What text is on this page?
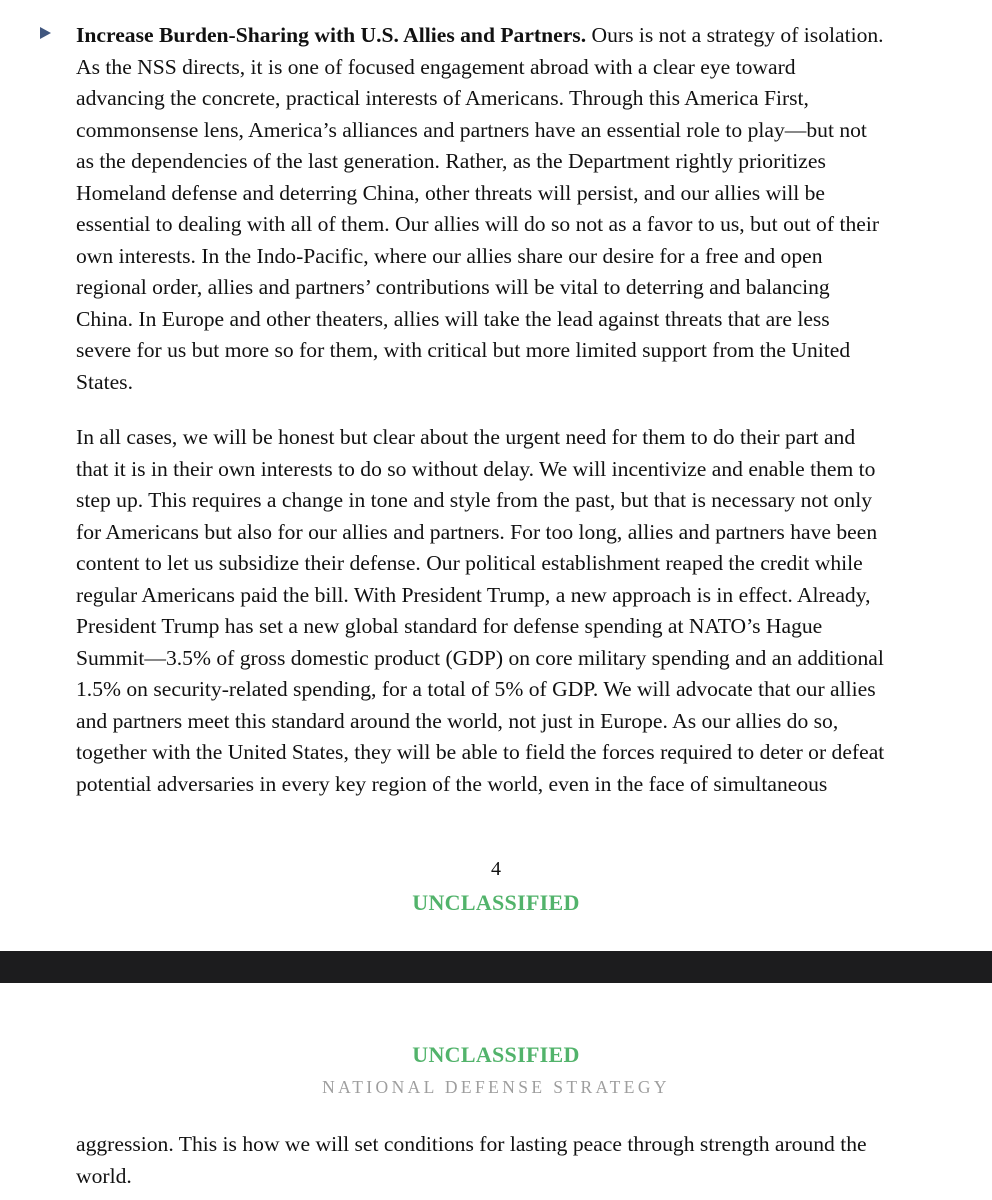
Increase Burden-Sharing with U.S. Allies and Partners. Ours is not a strategy of isolation.
As the NSS directs, it is one of focused engagement abroad with a clear eye toward
advancing the concrete, practical interests of Americans. Through this America First,
commonsense lens, America’s alliances and partners have an essential role to play—but not
as the dependencies of the last generation. Rather, as the Department rightly prioritizes
Homeland defense and deterring China, other threats will persist, and our allies will be
essential to dealing with all of them. Our allies will do so not as a favor to us, but out of their
own interests. In the Indo-Pacific, where our allies share our desire for a free and open
regional order, allies and partners’ contributions will be vital to deterring and balancing
China. In Europe and other theaters, allies will take the lead against threats that are less
severe for us but more so for them, with critical but more limited support from the United
States.
In all cases, we will be honest but clear about the urgent need for them to do their part and
that it is in their own interests to do so without delay. We will incentivize and enable them to
step up. This requires a change in tone and style from the past, but that is necessary not only
for Americans but also for our allies and partners. For too long, allies and partners have been
content to let us subsidize their defense. Our political establishment reaped the credit while
regular Americans paid the bill. With President Trump, a new approach is in effect. Already,
President Trump has set a new global standard for defense spending at NATO’s Hague
Summit—3.5% of gross domestic product (GDP) on core military spending and an additional
1.5% on security-related spending, for a total of 5% of GDP. We will advocate that our allies
and partners meet this standard around the world, not just in Europe. As our allies do so,
together with the United States, they will be able to field the forces required to deter or defeat
potential adversaries in every key region of the world, even in the face of simultaneous
4
UNCLASSIFIED
UNCLASSIFIED
NATIONAL DEFENSE STRATEGY
aggression. This is how we will set conditions for lasting peace through strength around the
world.
